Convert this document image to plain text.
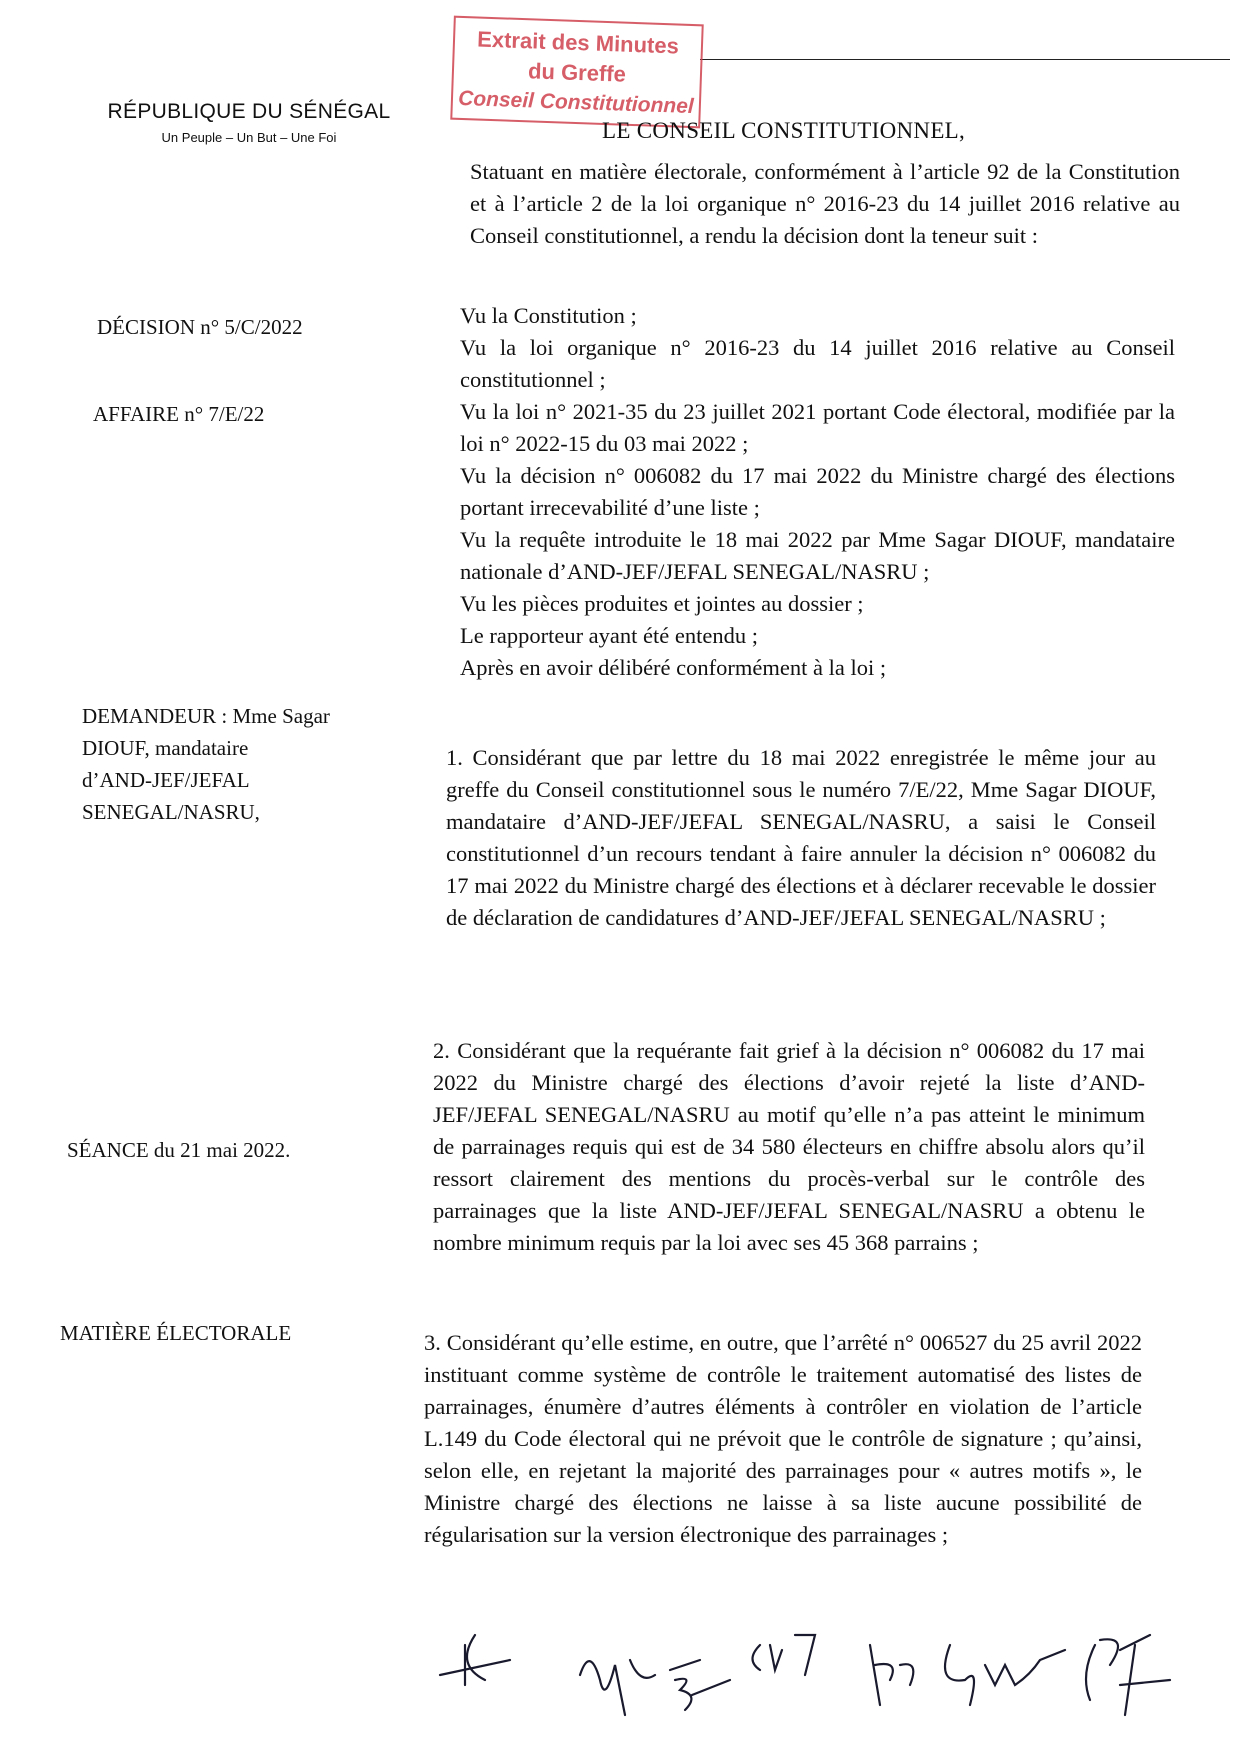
Extrait des Minutes
du Greffe
Conseil Constitutionnel
RÉPUBLIQUE DU SÉNÉGAL
Un Peuple – Un But – Une Foi
DÉCISION n° 5/C/2022
AFFAIRE n° 7/E/22
DEMANDEUR : Mme Sagar
DIOUF, mandataire
d’AND-JEF/JEFAL
SENEGAL/NASRU,
SÉANCE du 21 mai 2022.
MATIÈRE ÉLECTORALE
LE CONSEIL CONSTITUTIONNEL,

Statuant en matière électorale, conformément à l’article 92 de la Constitution et à l’article 2 de la loi organique n° 2016-23 du 14 juillet 2016 relative au Conseil constitutionnel, a rendu la décision dont la teneur suit :

Vu la Constitution ;

Vu la loi organique n° 2016-23 du 14 juillet 2016 relative au Conseil constitutionnel ;

Vu la loi n° 2021-35 du 23 juillet 2021 portant Code électoral, modifiée par la loi n° 2022-15 du 03 mai 2022 ;

Vu la décision n° 006082 du 17 mai 2022 du Ministre chargé des élections portant irrecevabilité d’une liste ;

Vu la requête introduite le 18 mai 2022 par Mme Sagar DIOUF, mandataire nationale d’AND-JEF/JEFAL SENEGAL/NASRU ;

Vu les pièces produites et jointes au dossier ;

Le rapporteur ayant été entendu ;

Après en avoir délibéré conformément à la loi ;

1. Considérant que par lettre du 18 mai 2022 enregistrée le même jour au greffe du Conseil constitutionnel sous le numéro 7/E/22, Mme Sagar DIOUF, mandataire d’AND-JEF/JEFAL SENEGAL/NASRU, a saisi le Conseil constitutionnel d’un recours tendant à faire annuler la décision n° 006082 du 17 mai 2022 du Ministre chargé des élections et à déclarer recevable le dossier de déclaration de candidatures d’AND-JEF/JEFAL SENEGAL/NASRU ;

2. Considérant que la requérante fait grief à la décision n° 006082 du 17 mai 2022 du Ministre chargé des élections d’avoir rejeté la liste d’AND-JEF/JEFAL SENEGAL/NASRU au motif qu’elle n’a pas atteint le minimum de parrainages requis qui est de 34 580 électeurs en chiffre absolu alors qu’il ressort clairement des mentions du procès-verbal sur le contrôle des parrainages que la liste AND-JEF/JEFAL SENEGAL/NASRU a obtenu le nombre minimum requis par la loi avec ses 45 368 parrains ;

3. Considérant qu’elle estime, en outre, que l’arrêté n° 006527 du 25 avril 2022 instituant comme système de contrôle le traitement automatisé des listes de parrainages, énumère d’autres éléments à contrôler en violation de l’article L.149 du Code électoral qui ne prévoit que le contrôle de signature ; qu’ainsi, selon elle, en rejetant la majorité des parrainages pour « autres motifs », le Ministre chargé des élections ne laisse à sa liste aucune possibilité de régularisation sur la version électronique des parrainages ;
